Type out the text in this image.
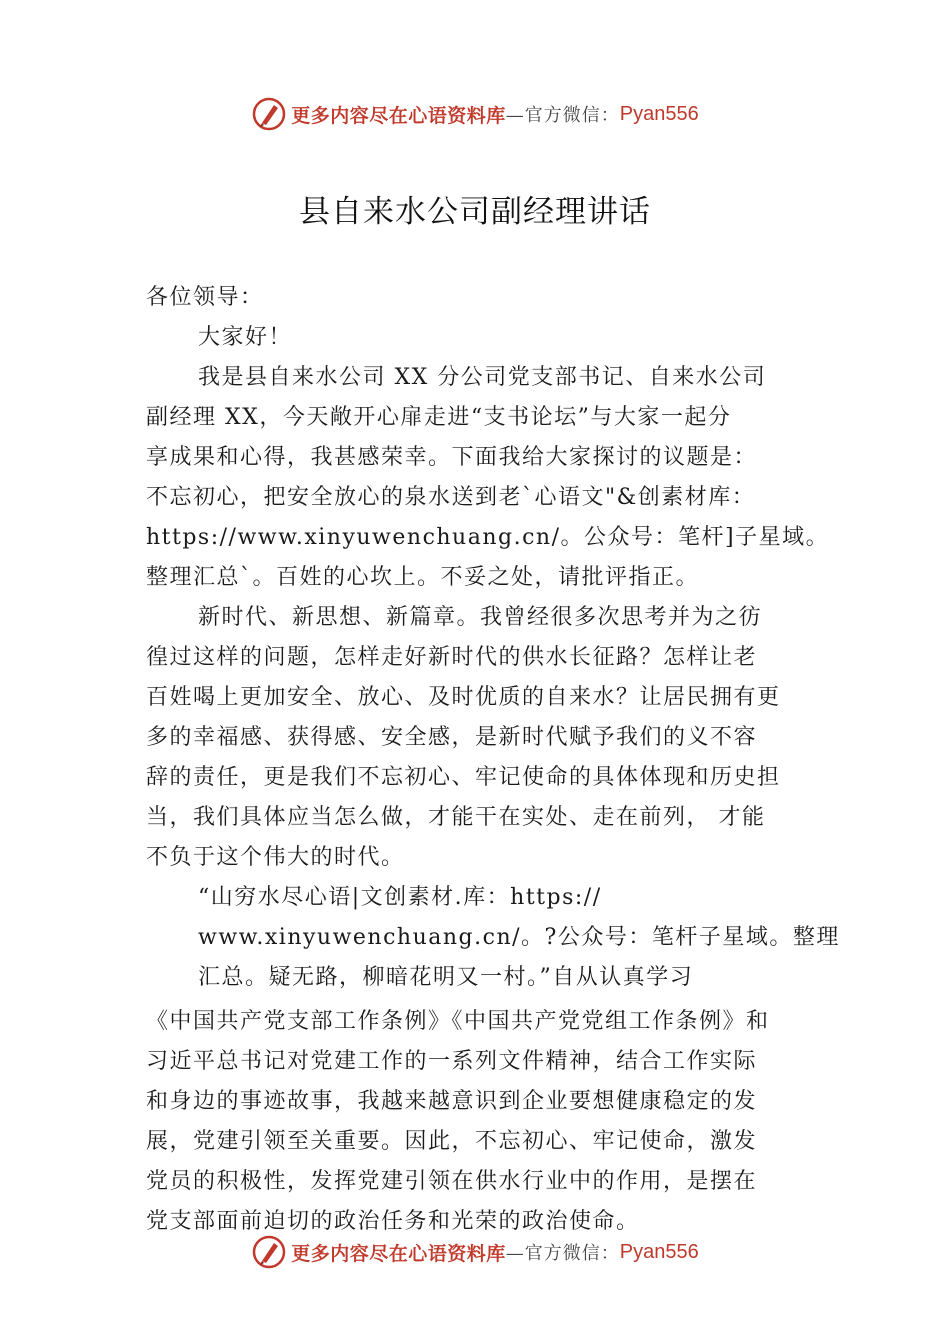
更多内容尽在心语资料库 —官方微信： Pyan556
县自来水公司副经理讲话
各位领导：
大家好！
我是县自来水公司 XX 分公司党支部书记、自来水公司
副经理 XX，今天敞开心扉走进“支书论坛”与大家一起分
享成果和心得，我甚感荣幸。下面我给大家探讨的议题是：
不忘初心，把安全放心的泉水送到老`心语文"&创素材库：
https://www.xinyuwenchuang.cn/。公众号：笔杆]子星域。
整理汇总`。百姓的心坎上。不妥之处，请批评指正。
新时代、新思想、新篇章。我曾经很多次思考并为之彷
徨过这样的问题，怎样走好新时代的供水长征路？怎样让老
百姓喝上更加安全、放心、及时优质的自来水？让居民拥有更
多的幸福感、获得感、安全感，是新时代赋予我们的义不容
辞的责任，更是我们不忘初心、牢记使命的具体体现和历史担
当，我们具体应当怎么做，才能干在实处、走在前列， 才能
不负于这个伟大的时代。
“山穷水尽心语|文创素材.库：https://
www.xinyuwenchuang.cn/。?公众号：笔杆子星域。整理
汇总。疑无路，柳暗花明又一村。”自从认真学习
《中国共产党支部工作条例》《中国共产党党组工作条例》和
习近平总书记对党建工作的一系列文件精神，结合工作实际
和身边的事迹故事，我越来越意识到企业要想健康稳定的发
展，党建引领至关重要。因此，不忘初心、牢记使命，激发
党员的积极性，发挥党建引领在供水行业中的作用，是摆在
党支部面前迫切的政治任务和光荣的政治使命。
更多内容尽在心语资料库 —官方微信： Pyan556
